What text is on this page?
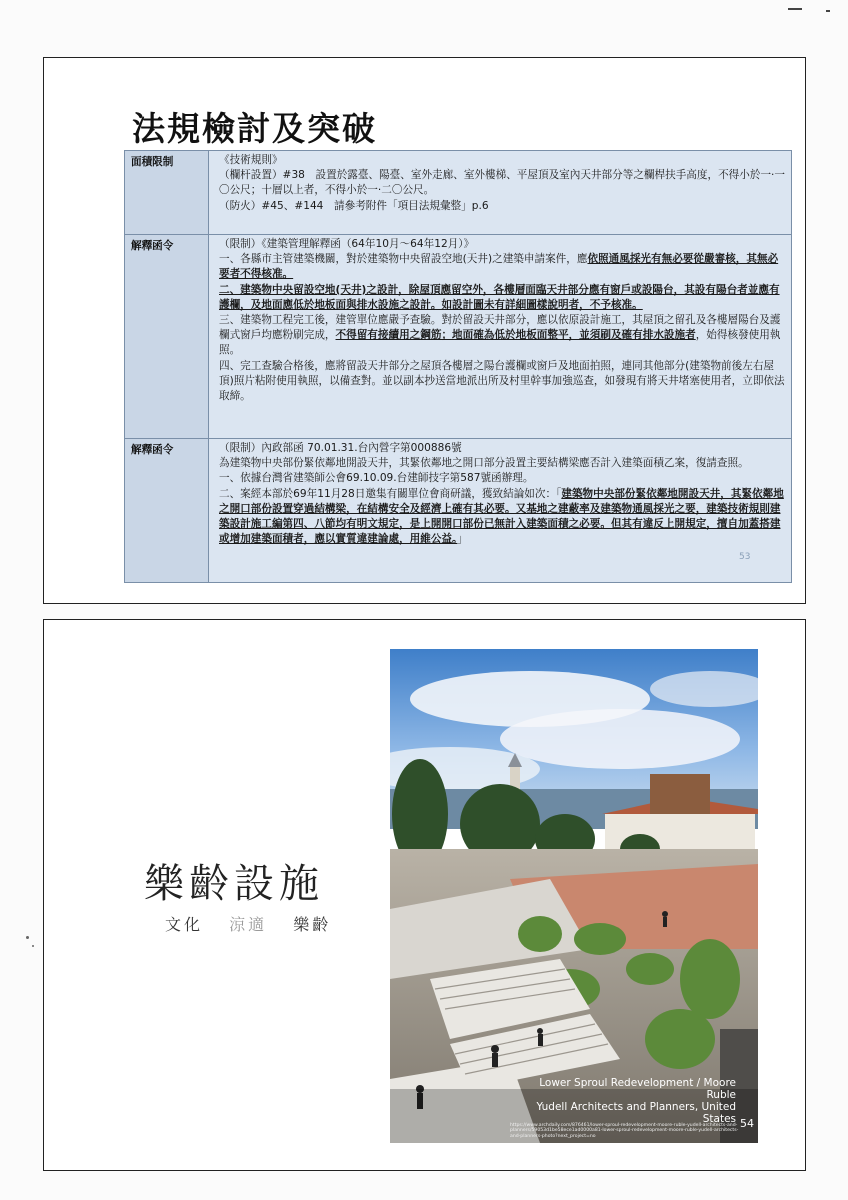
法規檢討及突破
面積限制	《技術規則》

（欄杆設置）#38　設置於露臺、陽臺、室外走廊、室外樓梯、平屋頂及室內天井部分等之欄桿扶手高度，不得小於一·一〇公尺；十層以上者，不得小於一·二〇公尺。

（防火）#45、#144　請參考附件「項目法規彙整」p.6

解釋函令	（限制）《建築管理解釋函（64年10月～64年12月）》

一、各縣市主管建築機關，對於建築物中央留設空地(天井)之建築申請案件，應依照通風採光有無必要從嚴審核，其無必要者不得核准。

二、建築物中央留設空地(天井)之設計，除屋頂應留空外，各樓層面臨天井部分應有窗戶或設陽台，其設有陽台者並應有護欄，及地面應低於地板面與排水設施之設計。如設計圖未有詳細圖樣說明者，不予核准。

三、建築物工程完工後，建管單位應嚴予查驗。對於留設天井部分，應以依原設計施工，其屋頂之留孔及各樓層陽台及護欄式窗戶均應粉刷完成，不得留有接續用之鋼筋；地面確為低於地板面整平，並須刷及確有排水設施者，始得核發使用執照。

四、完工查驗合格後，應將留設天井部分之屋頂各樓層之陽台護欄或窗戶及地面拍照，連同其他部分(建築物前後左右屋頂)照片粘附使用執照，以備查對。並以副本抄送當地派出所及村里幹事加強巡查，如發現有將天井堵塞使用者，立即依法取締。

解釋函令	（限制）內政部函 70.01.31.台內營字第000886號

為建築物中央部份緊依鄰地開設天井，其緊依鄰地之開口部分設置主要結構梁應否計入建築面積乙案，復請查照。

一、依據台灣省建築師公會69.10.09.台建師技字第587號函辦理。

二、案經本部於69年11月28日邀集有關單位會商研議，獲致結論如次：「建築物中央部份緊依鄰地開設天井，其緊依鄰地之開口部份設置穿過結構梁，在結構安全及經濟上確有其必要。又基地之建蔽率及建築物通風採光之要，建築技術規則建築設計施工編第四、八節均有明文規定，是上開開口部份已無計入建築面積之必要。但其有違反上開規定，擅自加蓋搭建或增加建築面積者，應以實質違建論處，用維公益。」

53
樂齡設施
文化 涼適 樂齡
Lower Sproul Redevelopment / Moore Ruble
Yudell Architects and Planners, United States
https://www.archdaily.com/876461/lower-sproul-redevelopment-moore-ruble-yudell-architects-and-planners/59053d1be58ece1ad0000a81-lower-sproul-redevelopment-moore-ruble-yudell-architects-and-planners-photo?next_project=no
54
